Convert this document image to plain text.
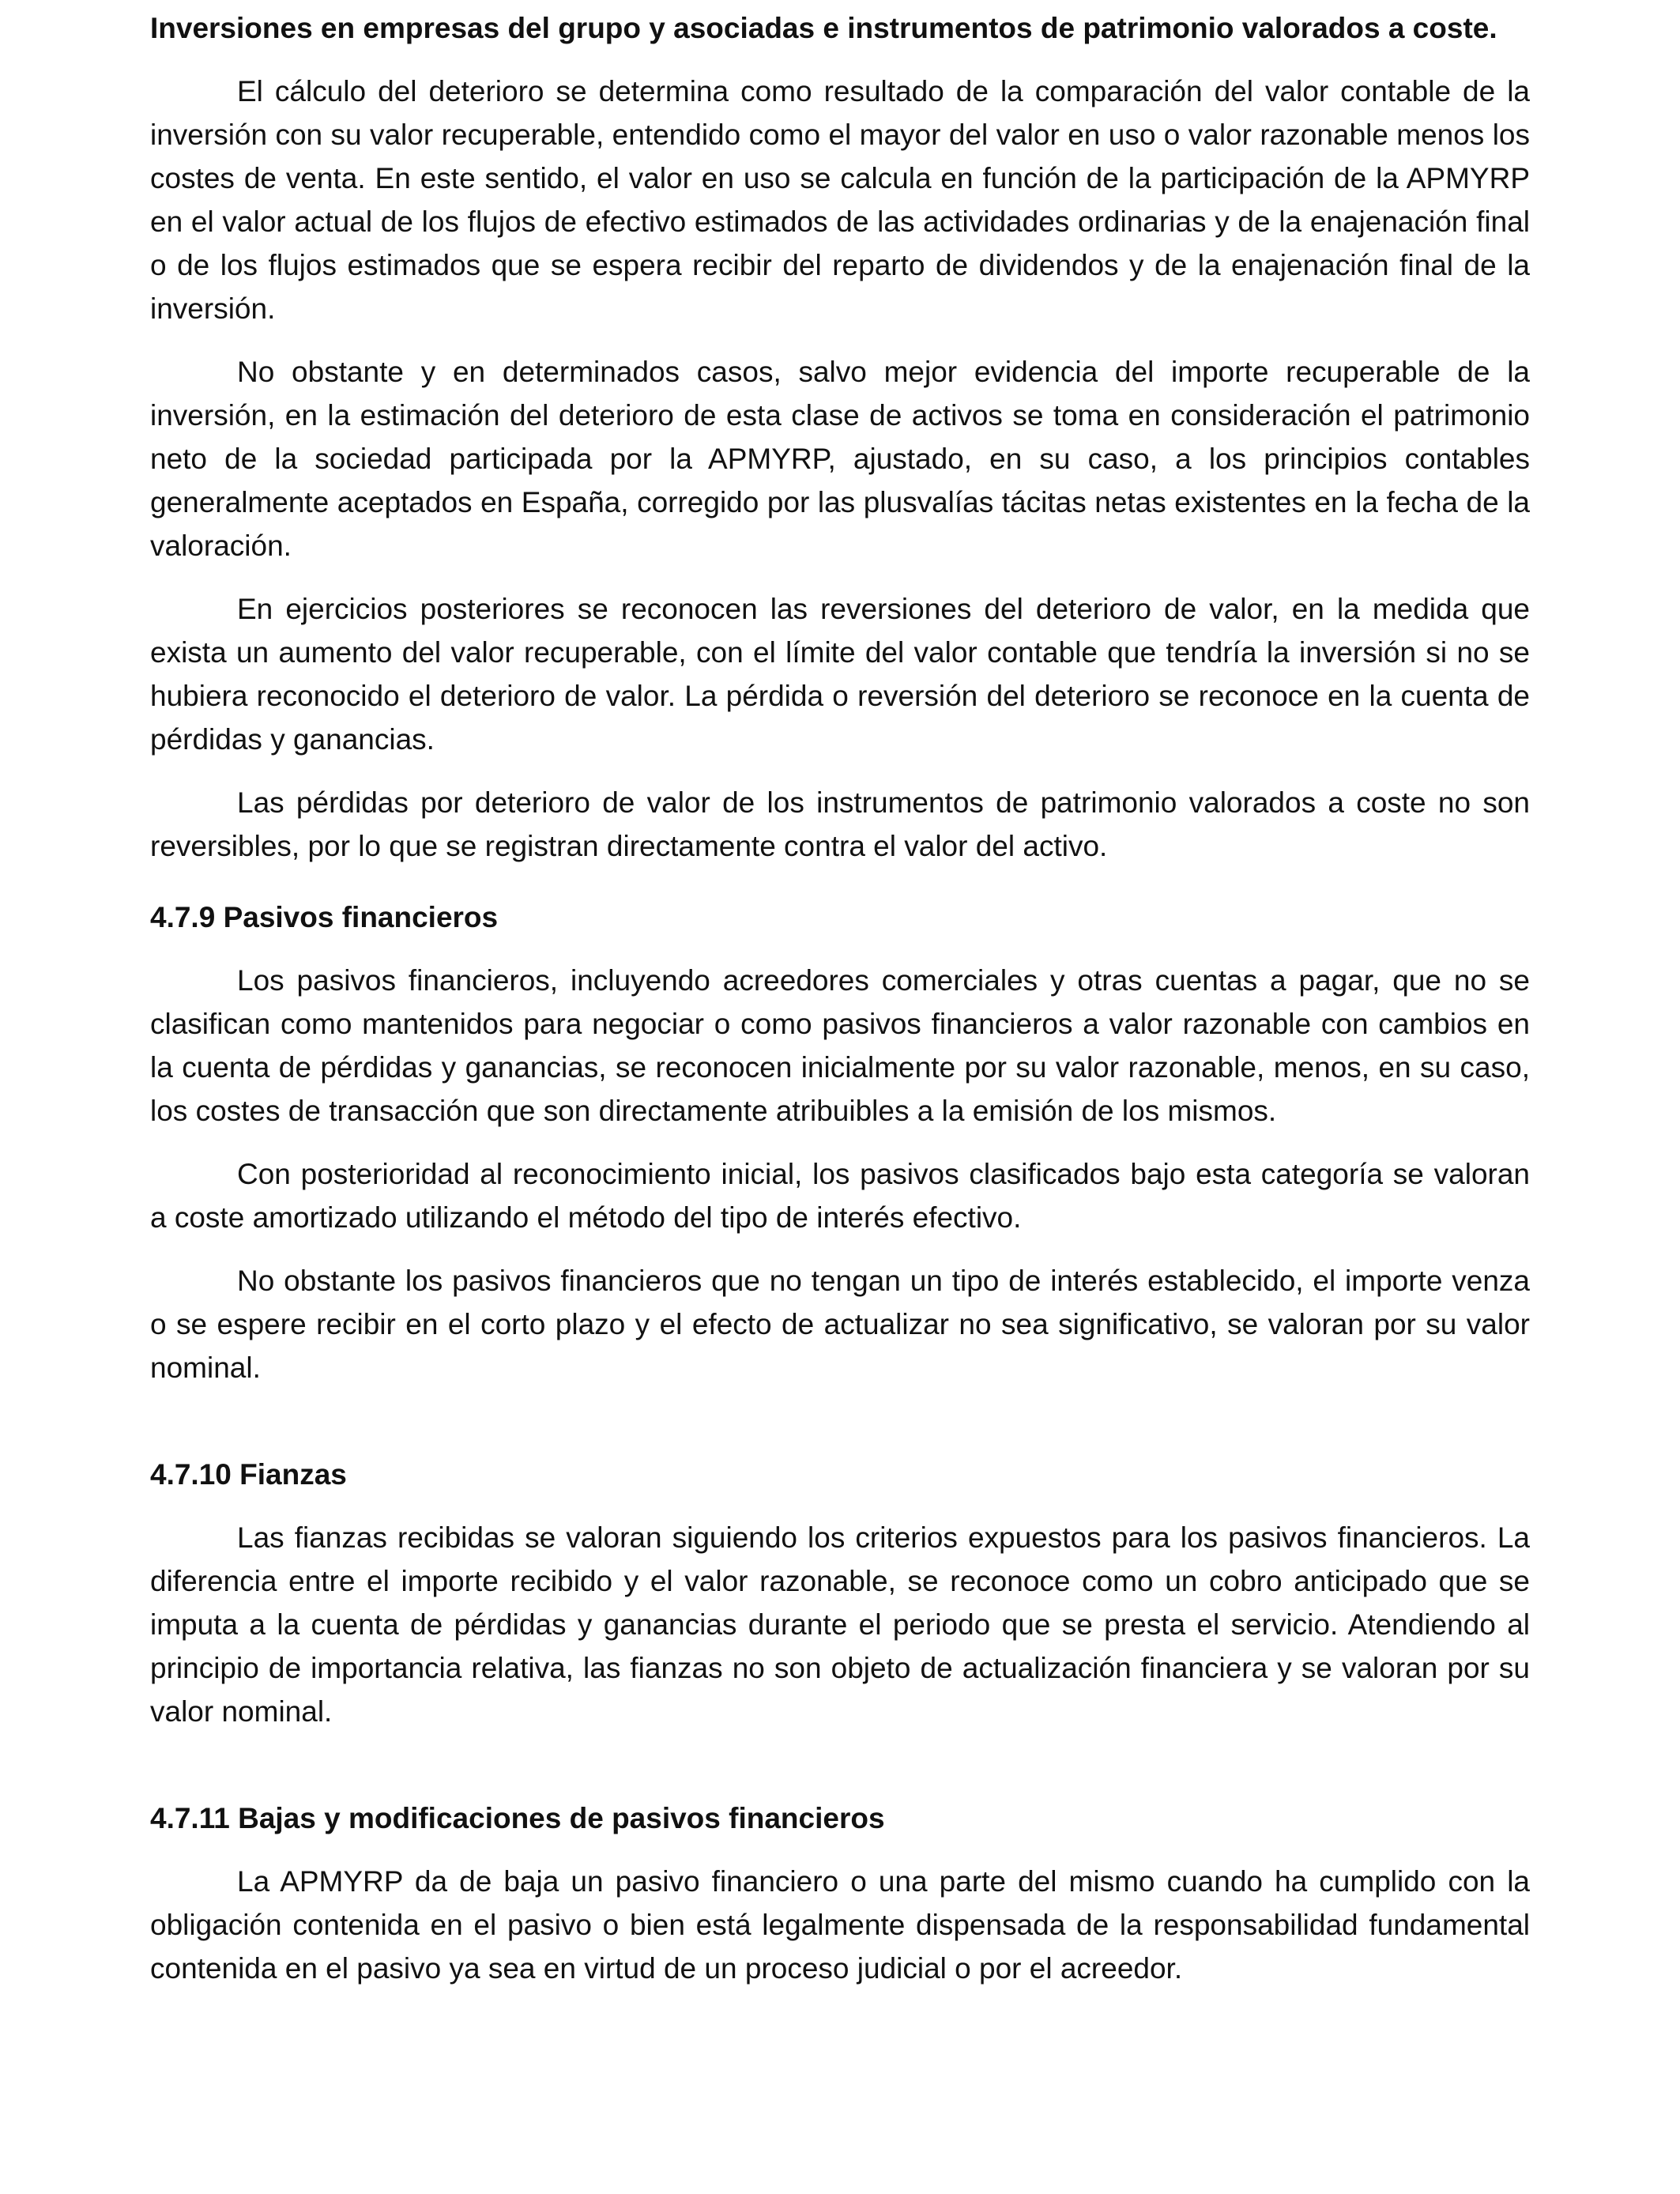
Inversiones en empresas del grupo y asociadas e instrumentos de patrimonio valorados a coste.

El cálculo del deterioro se determina como resultado de la comparación del valor contable de la inversión con su valor recuperable, entendido como el mayor del valor en uso o valor razonable menos los costes de venta. En este sentido, el valor en uso se calcula en función de la participación de la APMYRP en el valor actual de los flujos de efectivo estimados de las actividades ordinarias y de la enajenación final o de los flujos estimados que se espera recibir del reparto de dividendos y de la enajenación final de la inversión.

No obstante y en determinados casos, salvo mejor evidencia del importe recuperable de la inversión, en la estimación del deterioro de esta clase de activos se toma en consideración el patrimonio neto de la sociedad participada por la APMYRP, ajustado, en su caso, a los principios contables generalmente aceptados en España, corregido por las plusvalías tácitas netas existentes en la fecha de la valoración.

En ejercicios posteriores se reconocen las reversiones del deterioro de valor, en la medida que exista un aumento del valor recuperable, con el límite del valor contable que tendría la inversión si no se hubiera reconocido el deterioro de valor. La pérdida o reversión del deterioro se reconoce en la cuenta de pérdidas y ganancias.

Las pérdidas por deterioro de valor de los instrumentos de patrimonio valorados a coste no son reversibles, por lo que se registran directamente contra el valor del activo.

4.7.9 Pasivos financieros

Los pasivos financieros, incluyendo acreedores comerciales y otras cuentas a pagar, que no se clasifican como mantenidos para negociar o como pasivos financieros a valor razonable con cambios en la cuenta de pérdidas y ganancias, se reconocen inicialmente por su valor razonable, menos, en su caso, los costes de transacción que son directamente atribuibles a la emisión de los mismos.

Con posterioridad al reconocimiento inicial, los pasivos clasificados bajo esta categoría se valoran a coste amortizado utilizando el método del tipo de interés efectivo.

No obstante los pasivos financieros que no tengan un tipo de interés establecido, el importe venza o se espere recibir en el corto plazo y el efecto de actualizar no sea significativo, se valoran por su valor nominal.

4.7.10 Fianzas

Las fianzas recibidas se valoran siguiendo los criterios expuestos para los pasivos financieros. La diferencia entre el importe recibido y el valor razonable, se reconoce como un cobro anticipado que se imputa a la cuenta de pérdidas y ganancias durante el periodo que se presta el servicio. Atendiendo al principio de importancia relativa, las fianzas no son objeto de actualización financiera y se valoran por su valor nominal.

4.7.11 Bajas y modificaciones de pasivos financieros

La APMYRP da de baja un pasivo financiero o una parte del mismo cuando ha cumplido con la obligación contenida en el pasivo o bien está legalmente dispensada de la responsabilidad fundamental contenida en el pasivo ya sea en virtud de un proceso judicial o por el acreedor.
